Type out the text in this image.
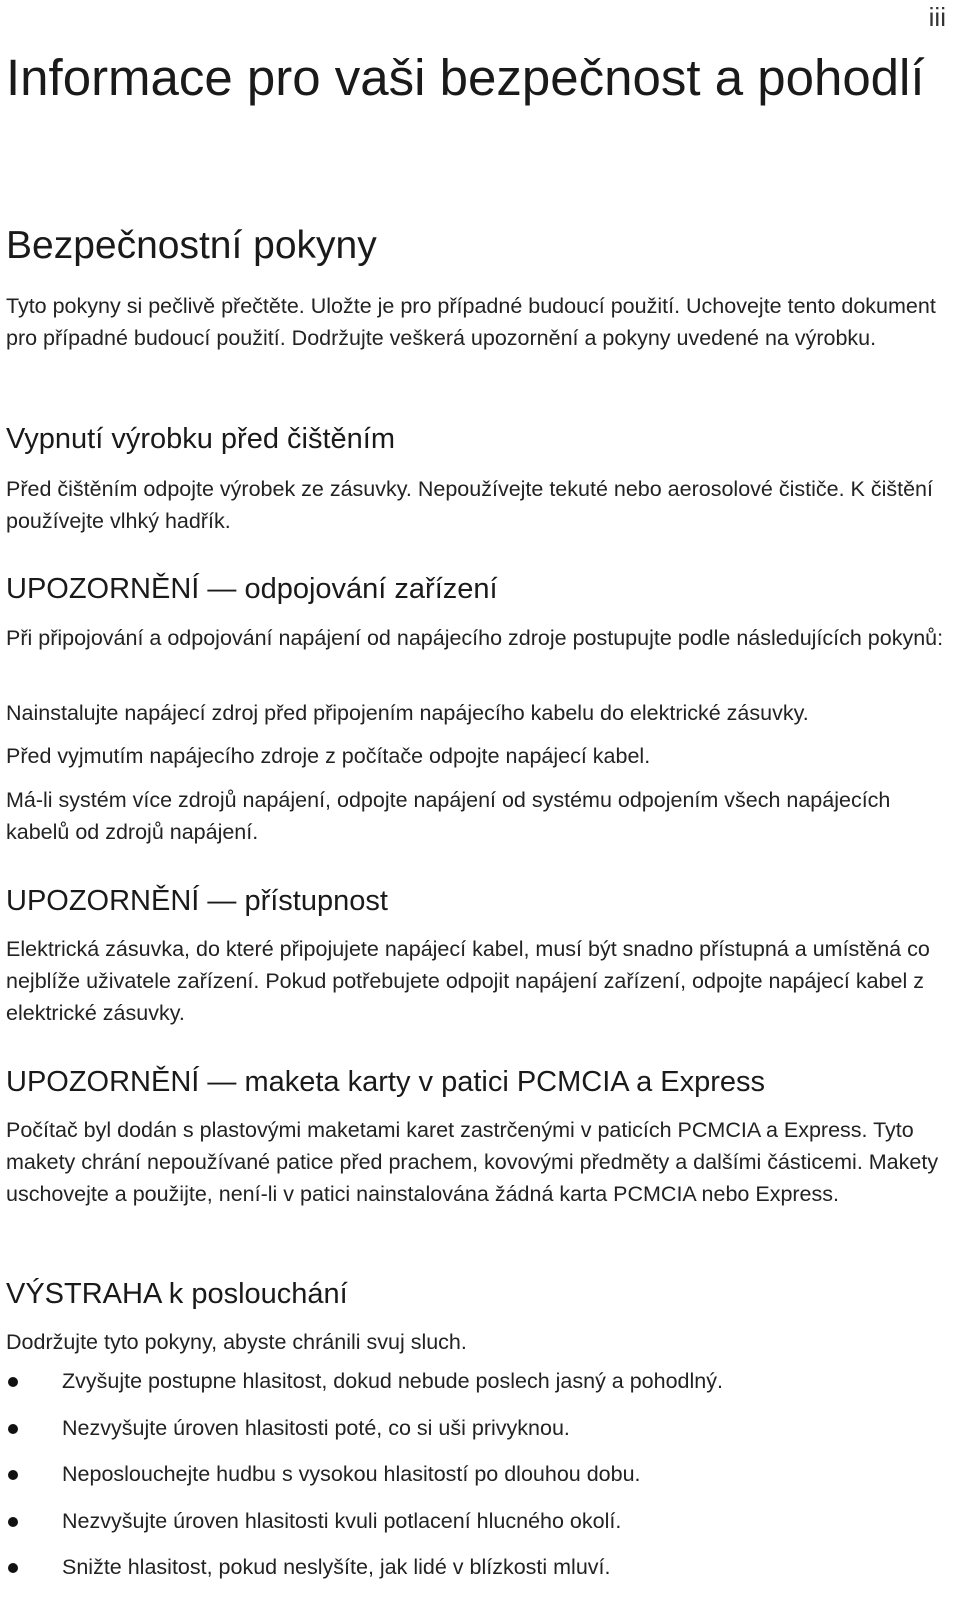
iii
Informace pro vaši bezpečnost a pohodlí
Bezpečnostní pokyny

Tyto pokyny si pečlivě přečtěte. Uložte je pro případné budoucí použití. Uchovejte tento dokument pro případné budoucí použití. Dodržujte veškerá upozornění a pokyny uvedené na výrobku.

Vypnutí výrobku před čištěním

Před čištěním odpojte výrobek ze zásuvky. Nepoužívejte tekuté nebo aerosolové čističe. K čištění používejte vlhký hadřík.

UPOZORNĚNÍ — odpojování zařízení

Při připojování a odpojování napájení od napájecího zdroje postupujte podle následujících pokynů:

Nainstalujte napájecí zdroj před připojením napájecího kabelu do elektrické zásuvky.

Před vyjmutím napájecího zdroje z počítače odpojte napájecí kabel.

Má-li systém více zdrojů napájení, odpojte napájení od systému odpojením všech napájecích kabelů od zdrojů napájení.

UPOZORNĚNÍ — přístupnost

Elektrická zásuvka, do které připojujete napájecí kabel, musí být snadno přístupná a umístěná co nejblíže uživatele zařízení. Pokud potřebujete odpojit napájení zařízení, odpojte napájecí kabel z elektrické zásuvky.

UPOZORNĚNÍ — maketa karty v patici PCMCIA a Express

Počítač byl dodán s plastovými maketami karet zastrčenými v paticích PCMCIA a Express. Tyto makety chrání nepoužívané patice před prachem, kovovými předměty a dalšími částicemi. Makety uschovejte a použijte, není-li v patici nainstalována žádná karta PCMCIA nebo Express.

VÝSTRAHA k poslouchání

Dodržujte tyto pokyny, abyste chránili svuj sluch.

Zvyšujte postupne hlasitost, dokud nebude poslech jasný a pohodlný.
Nezvyšujte úroven hlasitosti poté, co si uši privyknou.
Neposlouchejte hudbu s vysokou hlasitostí po dlouhou dobu.
Nezvyšujte úroven hlasitosti kvuli potlacení hlucného okolí.
Snižte hlasitost, pokud neslyšíte, jak lidé v blízkosti mluví.
